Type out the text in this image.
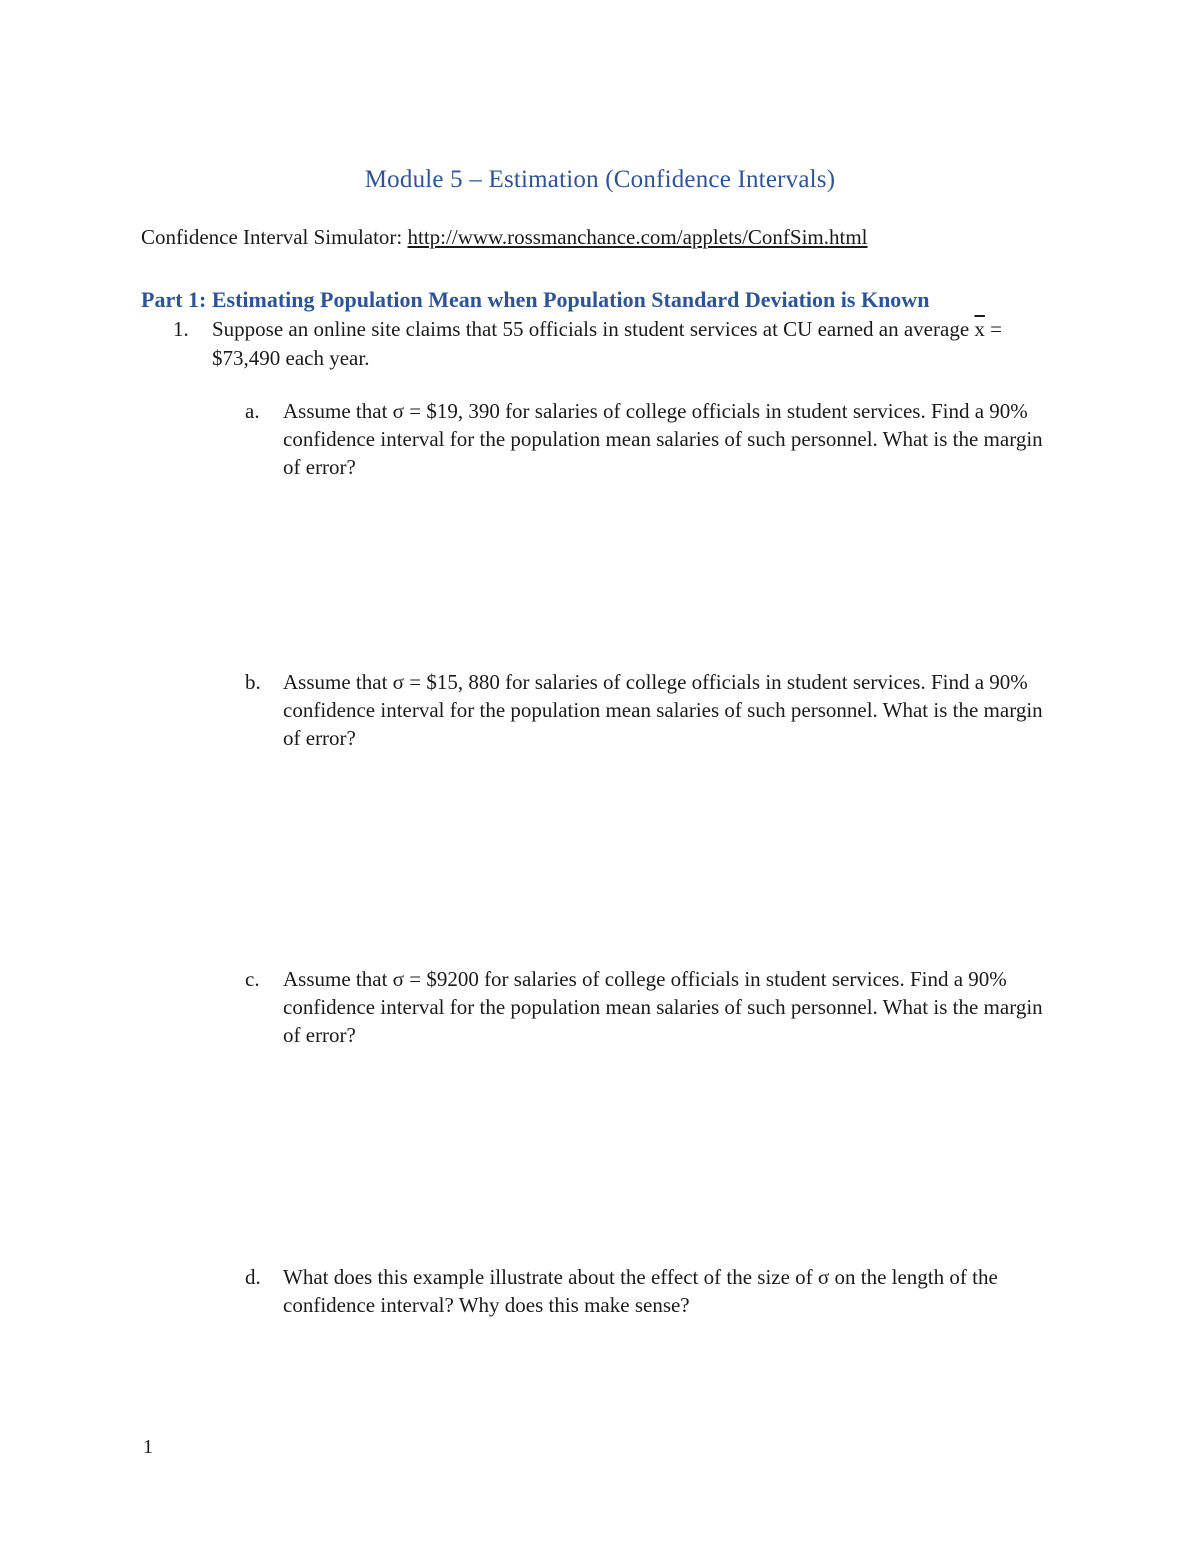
Module 5 – Estimation (Confidence Intervals)
Confidence Interval Simulator: http://www.rossmanchance.com/applets/ConfSim.html
Part 1: Estimating Population Mean when Population Standard Deviation is Known
1. Suppose an online site claims that 55 officials in student services at CU earned an average $\overline{x}$ = $73,490 each year.
a. Assume that σ = $19, 390 for salaries of college officials in student services. Find a 90% confidence interval for the population mean salaries of such personnel. What is the margin of error?
b. Assume that σ = $15, 880 for salaries of college officials in student services. Find a 90% confidence interval for the population mean salaries of such personnel. What is the margin of error?
c. Assume that σ = $9200 for salaries of college officials in student services. Find a 90% confidence interval for the population mean salaries of such personnel. What is the margin of error?
d. What does this example illustrate about the effect of the size of σ on the length of the confidence interval? Why does this make sense?
1
